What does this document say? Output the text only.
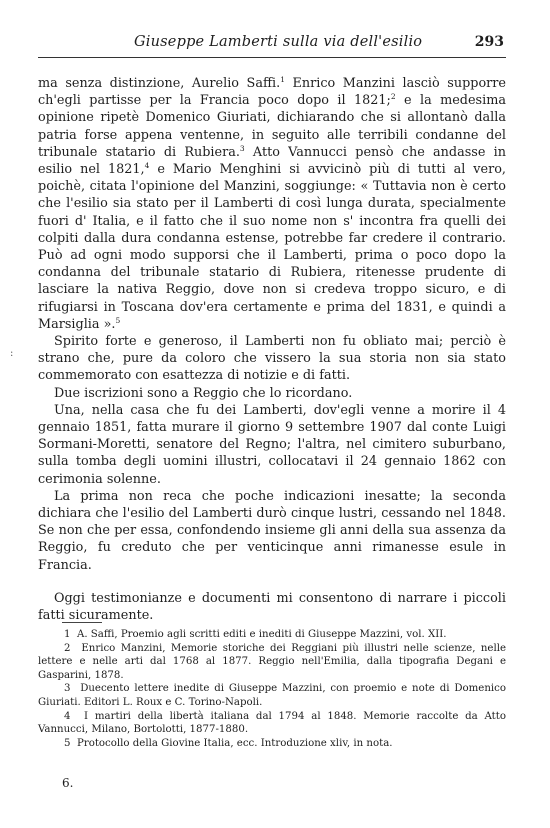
Giuseppe Lamberti sulla via dell'esilio	293

ma senza distinzione, Aurelio Saffi.$^1$ Enrico Manzini lasciò supporre ch'egli partisse per la Francia poco dopo il 1821;$^2$ e la medesima opinione ripetè Domenico Giuriati, dichiarando che si allontanò dalla patria forse appena ventenne, in seguito alle terribili condanne del tribunale statario di Rubiera.$^3$ Atto Vannucci pensò che andasse in esilio nel 1821,$^4$ e Mario Menghini si avvicinò più di tutti al vero, poichè, citata l'opinione del Manzini, soggiunge: « Tuttavia non è certo che l'esilio sia stato per il Lamberti di così lunga durata, specialmente fuori d' Italia, e il fatto che il suo nome non s' incontra fra quelli dei colpiti dalla dura condanna estense, potrebbe far credere il contrario. Può ad ogni modo supporsi che il Lamberti, prima o poco dopo la condanna del tribunale statario di Rubiera, ritenesse prudente di lasciare la nativa Reggio, dove non si credeva troppo sicuro, e di rifugiarsi in Toscana dov'era certamente e prima del 1831, e quindi a Marsiglia ».$^5$

Spirito forte e generoso, il Lamberti non fu obliato mai; perciò è strano che, pure da coloro che vissero la sua storia non sia stato commemorato con esattezza di notizie e di fatti.

Due iscrizioni sono a Reggio che lo ricordano.

Una, nella casa che fu dei Lamberti, dov'egli venne a morire il 4 gennaio 1851, fatta murare il giorno 9 settembre 1907 dal conte Luigi Sormani-Moretti, senatore del Regno; l'altra, nel cimitero suburbano, sulla tomba degli uomini illustri, collocatavi il 24 gennaio 1862 con cerimonia solenne.

La prima non reca che poche indicazioni inesatte; la seconda dichiara che l'esilio del Lamberti durò cinque lustri, cessando nel 1848. Se non che per essa, confondendo insieme gli anni della sua assenza da Reggio, fu creduto che per venticinque anni rimanesse esule in Francia.

Oggi testimonianze e documenti mi consentono di narrare i piccoli fatti sicuramente.

1 A. Saffi, Proemio agli scritti editi e inediti di Giuseppe Mazzini, vol. XII.

2 Enrico Manzini, Memorie storiche dei Reggiani più illustri nelle scienze, nelle lettere e nelle arti dal 1768 al 1877. Reggio nell'Emilia, dalla tipografia Degani e Gasparini, 1878.

3 Duecento lettere inedite di Giuseppe Mazzini, con proemio e note di Domenico Giuriati. Editori L. Roux e C. Torino-Napoli.

4 I martiri della libertà italiana dal 1794 al 1848. Memorie raccolte da Atto Vannucci, Milano, Bortolotti, 1877-1880.

5 Protocollo della Giovine Italia, ecc. Introduzione xliv, in nota.

6.
:
